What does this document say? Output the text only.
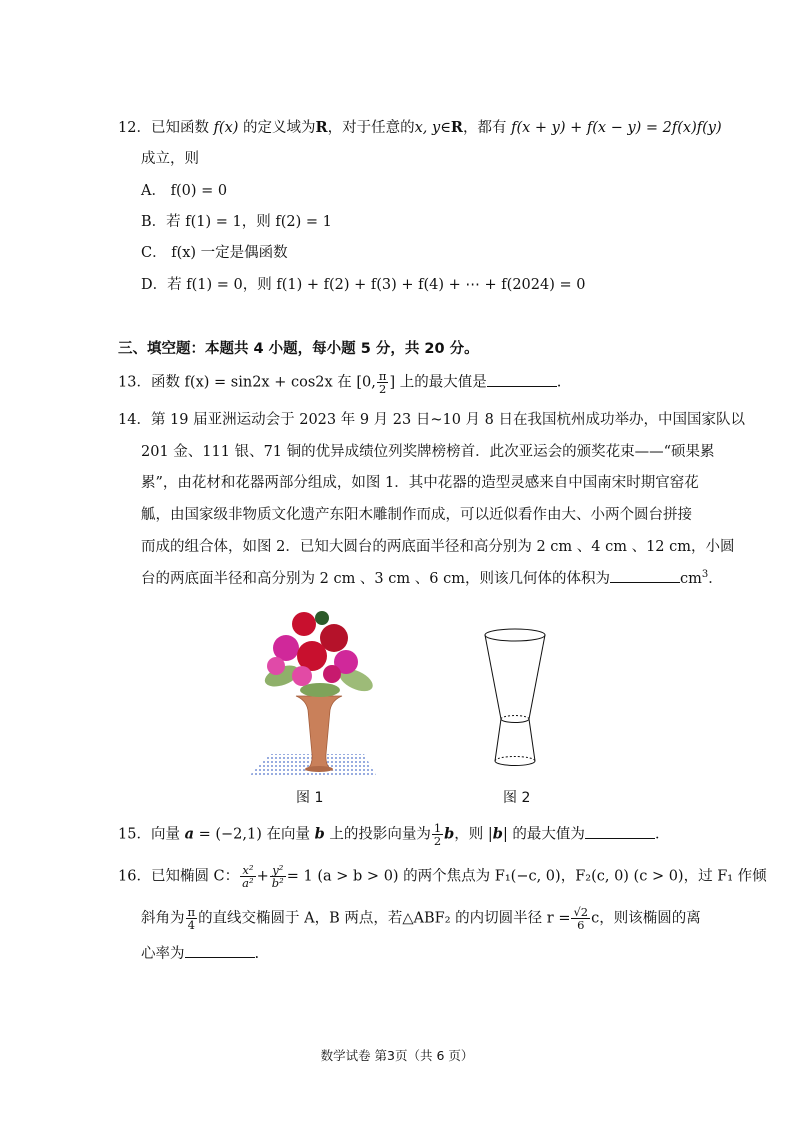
12．已知函数 f(x) 的定义域为R，对于任意的x, y∈R，都有 f(x + y) + f(x − y) = 2f(x)f(y)
成立，则
A． f(0) = 0
B．若 f(1) = 1，则 f(2) = 1
C． f(x) 一定是偶函数
D．若 f(1) = 0，则 f(1) + f(2) + f(3) + f(4) + ⋯ + f(2024) = 0
三、填空题：本题共 4 小题，每小题 5 分，共 20 分。
13．函数 f(x) = sin2x + cos2x 在 [0, $\frac{\pi}{2}$ ] 上的最大值是	.
14．第 19 届亚洲运动会于 2023 年 9 月 23 日~10 月 8 日在我国杭州成功举办，中国国家队以
201 金、111 银、71 铜的优异成绩位列奖牌榜榜首．此次亚运会的颁奖花束——“硕果累
累”，由花材和花器两部分组成，如图 1．其中花器的造型灵感来自中国南宋时期官窑花
觚，由国家级非物质文化遗产东阳木雕制作而成，可以近似看作由大、小两个圆台拼接
而成的组合体，如图 2．已知大圆台的两底面半径和高分别为 2 cm 、4 cm 、12 cm，小圆
台的两底面半径和高分别为 2 cm 、3 cm 、6 cm，则该几何体的体积为	$cm^3$．
图 1	图 2
15．向量 a = (−2,1) 在向量 b 上的投影向量为 $\frac{1}{2}$ b，则 |b| 的最大值为	．
16．已知椭圆 C： $\frac{\text{x²}}{\text{a²}} + \frac{\text{y²}}{\text{b²}} = 1$ (a > b > 0) 的两个焦点为 F₁(−c, 0)，F₂(c, 0) (c > 0)，过 F₁ 作倾
斜角为 $\frac{\pi}{4}$ 的直线交椭圆于 A，B 两点，若△ABF₂ 的内切圆半径 $r = \frac{√2}{6}$ c，则该椭圆的离
心率为	.
数学试卷 第3页（共 6 页）
